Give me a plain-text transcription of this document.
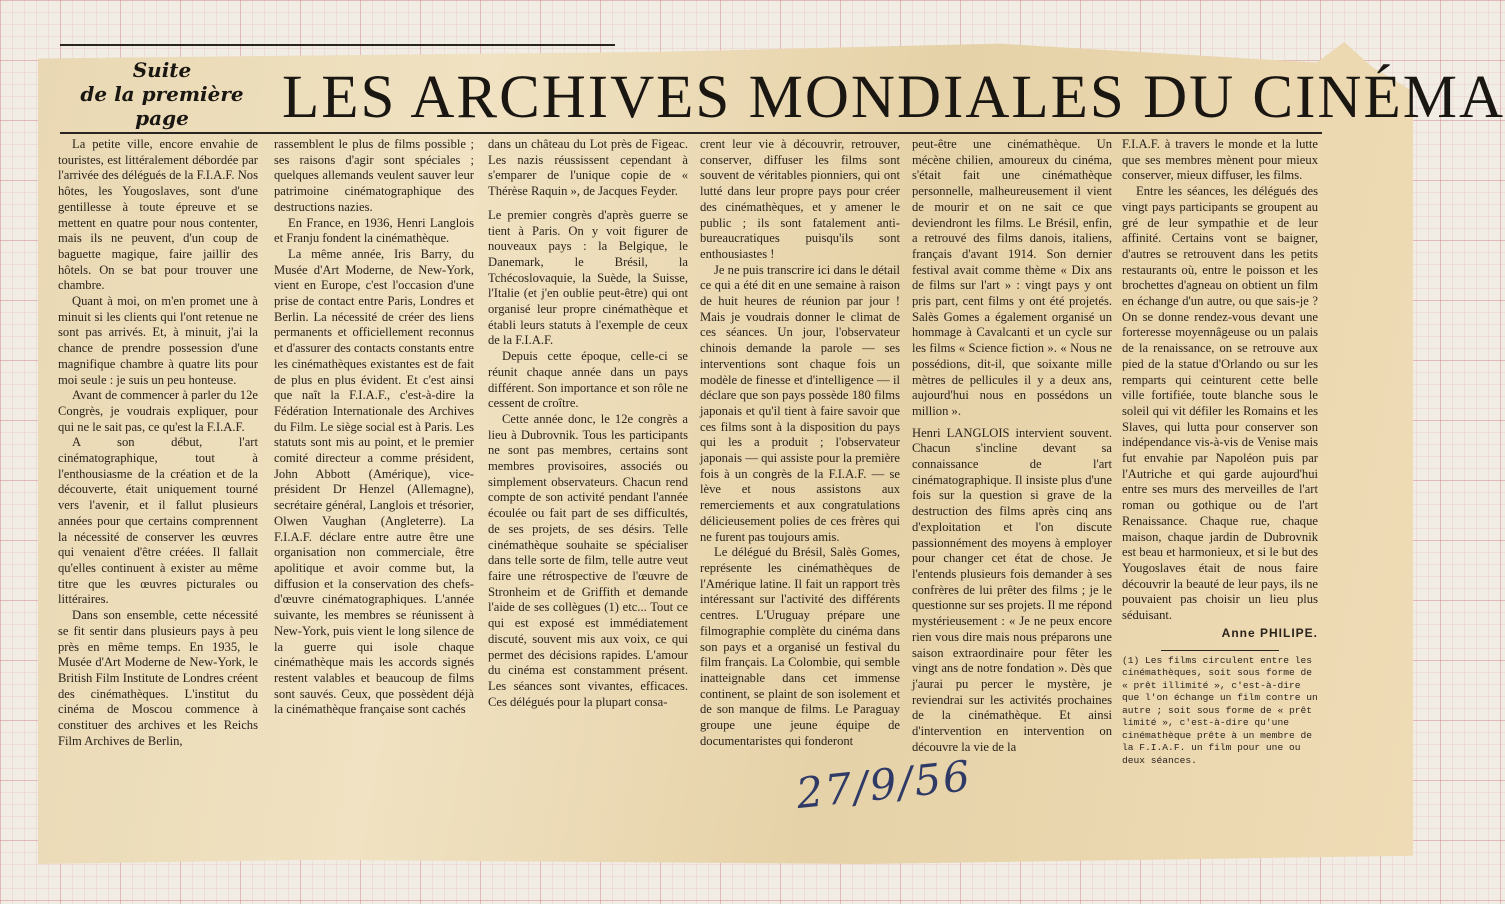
Suite
de la première page	LES ARCHIVES MONDIALES DU CINÉMA

La petite ville, encore envahie de touristes, est littéralement débordée par l'arrivée des délégués de la F.I.A.F. Nos hôtes, les Yougoslaves, sont d'une gentillesse à toute épreuve et se mettent en quatre pour nous contenter, mais ils ne peuvent, d'un coup de baguette magique, faire jaillir des hôtels. On se bat pour trouver une chambre.

Quant à moi, on m'en promet une à minuit si les clients qui l'ont retenue ne sont pas arrivés. Et, à minuit, j'ai la chance de prendre possession d'une magnifique chambre à quatre lits pour moi seule : je suis un peu honteuse.

Avant de commencer à parler du 12e Congrès, je voudrais expliquer, pour qui ne le sait pas, ce qu'est la F.I.A.F.

A son début, l'art cinématographique, tout à l'enthousiasme de la création et de la découverte, était uniquement tourné vers l'avenir, et il fallut plusieurs années pour que certains comprennent la nécessité de conserver les œuvres qui venaient d'être créées. Il fallait qu'elles continuent à exister au même titre que les œuvres picturales ou littéraires.

Dans son ensemble, cette nécessité se fit sentir dans plusieurs pays à peu près en même temps. En 1935, le Musée d'Art Moderne de New-York, le British Film Institute de Londres créent des cinémathèques. L'institut du cinéma de Moscou commence à constituer des archives et les Reichs Film Archives de Berlin,

rassemblent le plus de films possible ; ses raisons d'agir sont spéciales ; quelques allemands veulent sauver leur patrimoine cinématographique des destructions nazies.

En France, en 1936, Henri Langlois et Franju fondent la cinémathèque.

La même année, Iris Barry, du Musée d'Art Moderne, de New-York, vient en Europe, c'est l'occasion d'une prise de contact entre Paris, Londres et Berlin. La nécessité de créer des liens permanents et officiellement reconnus et d'assurer des contacts constants entre les cinémathèques existantes est de fait de plus en plus évident. Et c'est ainsi que naît la F.I.A.F., c'est-à-dire la Fédération Internationale des Archives du Film. Le siège social est à Paris. Les statuts sont mis au point, et le premier comité directeur a comme président, John Abbott (Amérique), vice-président Dr Henzel (Allemagne), secrétaire général, Langlois et trésorier, Olwen Vaughan (Angleterre). La F.I.A.F. déclare entre autre être une organisation non commerciale, être apolitique et avoir comme but, la diffusion et la conservation des chefs-d'œuvre cinématographiques. L'année suivante, les membres se réunissent à New-York, puis vient le long silence de la guerre qui isole chaque cinémathèque mais les accords signés restent valables et beaucoup de films sont sauvés. Ceux, que possèdent déjà la cinémathèque française sont cachés

dans un château du Lot près de Figeac. Les nazis réussissent cependant à s'emparer de l'unique copie de « Thérèse Raquin », de Jacques Feyder.

Le premier congrès d'après guerre se tient à Paris. On y voit figurer de nouveaux pays : la Belgique, le Danemark, le Brésil, la Tchécoslovaquie, la Suède, la Suisse, l'Italie (et j'en oublie peut-être) qui ont organisé leur propre cinémathèque et établi leurs statuts à l'exemple de ceux de la F.I.A.F.

Depuis cette époque, celle-ci se réunit chaque année dans un pays différent. Son importance et son rôle ne cessent de croître.

Cette année donc, le 12e congrès a lieu à Dubrovnik. Tous les participants ne sont pas membres, certains sont membres provisoires, associés ou simplement observateurs. Chacun rend compte de son activité pendant l'année écoulée ou fait part de ses difficultés, de ses projets, de ses désirs. Telle cinémathèque souhaite se spécialiser dans telle sorte de film, telle autre veut faire une rétrospective de l'œuvre de Stronheim et de Griffith et demande l'aide de ses collègues (1) etc... Tout ce qui est exposé est immédiatement discuté, souvent mis aux voix, ce qui permet des décisions rapides. L'amour du cinéma est constamment présent. Les séances sont vivantes, efficaces. Ces délégués pour la plupart consa-

crent leur vie à découvrir, retrouver, conserver, diffuser les films sont souvent de véritables pionniers, qui ont lutté dans leur propre pays pour créer des cinémathèques, et y amener le public ; ils sont fatalement anti-bureaucratiques puisqu'ils sont enthousiastes !

Je ne puis transcrire ici dans le détail ce qui a été dit en une semaine à raison de huit heures de réunion par jour ! Mais je voudrais donner le climat de ces séances. Un jour, l'observateur chinois demande la parole — ses interventions sont chaque fois un modèle de finesse et d'intelligence — il déclare que son pays possède 180 films japonais et qu'il tient à faire savoir que ces films sont à la disposition du pays qui les a produit ; l'observateur japonais — qui assiste pour la première fois à un congrès de la F.I.A.F. — se lève et nous assistons aux remerciements et aux congratulations délicieusement polies de ces frères qui ne furent pas toujours amis.

Le délégué du Brésil, Salès Gomes, représente les cinémathèques de l'Amérique latine. Il fait un rapport très intéressant sur l'activité des différents centres. L'Uruguay prépare une filmographie complète du cinéma dans son pays et a organisé un festival du film français. La Colombie, qui semble inatteignable dans cet immense continent, se plaint de son isolement et de son manque de films. Le Paraguay groupe une jeune équipe de documentaristes qui fonderont

peut-être une cinémathèque. Un mécène chilien, amoureux du cinéma, s'était fait une cinémathèque personnelle, malheureusement il vient de mourir et on ne sait ce que deviendront les films. Le Brésil, enfin, a retrouvé des films danois, italiens, français d'avant 1914. Son dernier festival avait comme thème « Dix ans de films sur l'art » : vingt pays y ont pris part, cent films y ont été projetés. Salès Gomes a également organisé un hommage à Cavalcanti et un cycle sur les films « Science fiction ». « Nous ne possédions, dit-il, que soixante mille mètres de pellicules il y a deux ans, aujourd'hui nous en possédons un million ».

Henri LANGLOIS intervient souvent. Chacun s'incline devant sa connaissance de l'art cinématographique. Il insiste plus d'une fois sur la question si grave de la destruction des films après cinq ans d'exploitation et l'on discute passionnément des moyens à employer pour changer cet état de chose. Je l'entends plusieurs fois demander à ses confrères de lui prêter des films ; je le questionne sur ses projets. Il me répond mystérieusement : « Je ne peux encore rien vous dire mais nous préparons une saison extraordinaire pour fêter les vingt ans de notre fondation ». Dès que j'aurai pu percer le mystère, je reviendrai sur les activités prochaines de la cinémathèque. Et ainsi d'intervention en intervention on découvre la vie de la

F.I.A.F. à travers le monde et la lutte que ses membres mènent pour mieux conserver, mieux diffuser, les films.

Entre les séances, les délégués des vingt pays participants se groupent au gré de leur sympathie et de leur affinité. Certains vont se baigner, d'autres se retrouvent dans les petits restaurants où, entre le poisson et les brochettes d'agneau on obtient un film en échange d'un autre, ou que sais-je ? On se donne rendez-vous devant une forteresse moyennâgeuse ou un palais de la renaissance, on se retrouve aux pied de la statue d'Orlando ou sur les remparts qui ceinturent cette belle ville fortifiée, toute blanche sous le soleil qui vit défiler les Romains et les Slaves, qui lutta pour conserver son indépendance vis-à-vis de Venise mais fut envahie par Napoléon puis par l'Autriche et qui garde aujourd'hui entre ses murs des merveilles de l'art roman ou gothique ou de l'art Renaissance. Chaque rue, chaque maison, chaque jardin de Dubrovnik est beau et harmonieux, et si le but des Yougoslaves était de nous faire découvrir la beauté de leur pays, ils ne pouvaient pas choisir un lieu plus séduisant.

Anne PHILIPE.
(1) Les films circulent entre les cinémathèques, soit sous forme de « prêt illimité », c'est-à-dire que l'on échange un film contre un autre ; soit sous forme de « prêt limité », c'est-à-dire qu'une cinémathèque prête à un membre de la F.I.A.F. un film pour une ou deux séances.
27/9/56
